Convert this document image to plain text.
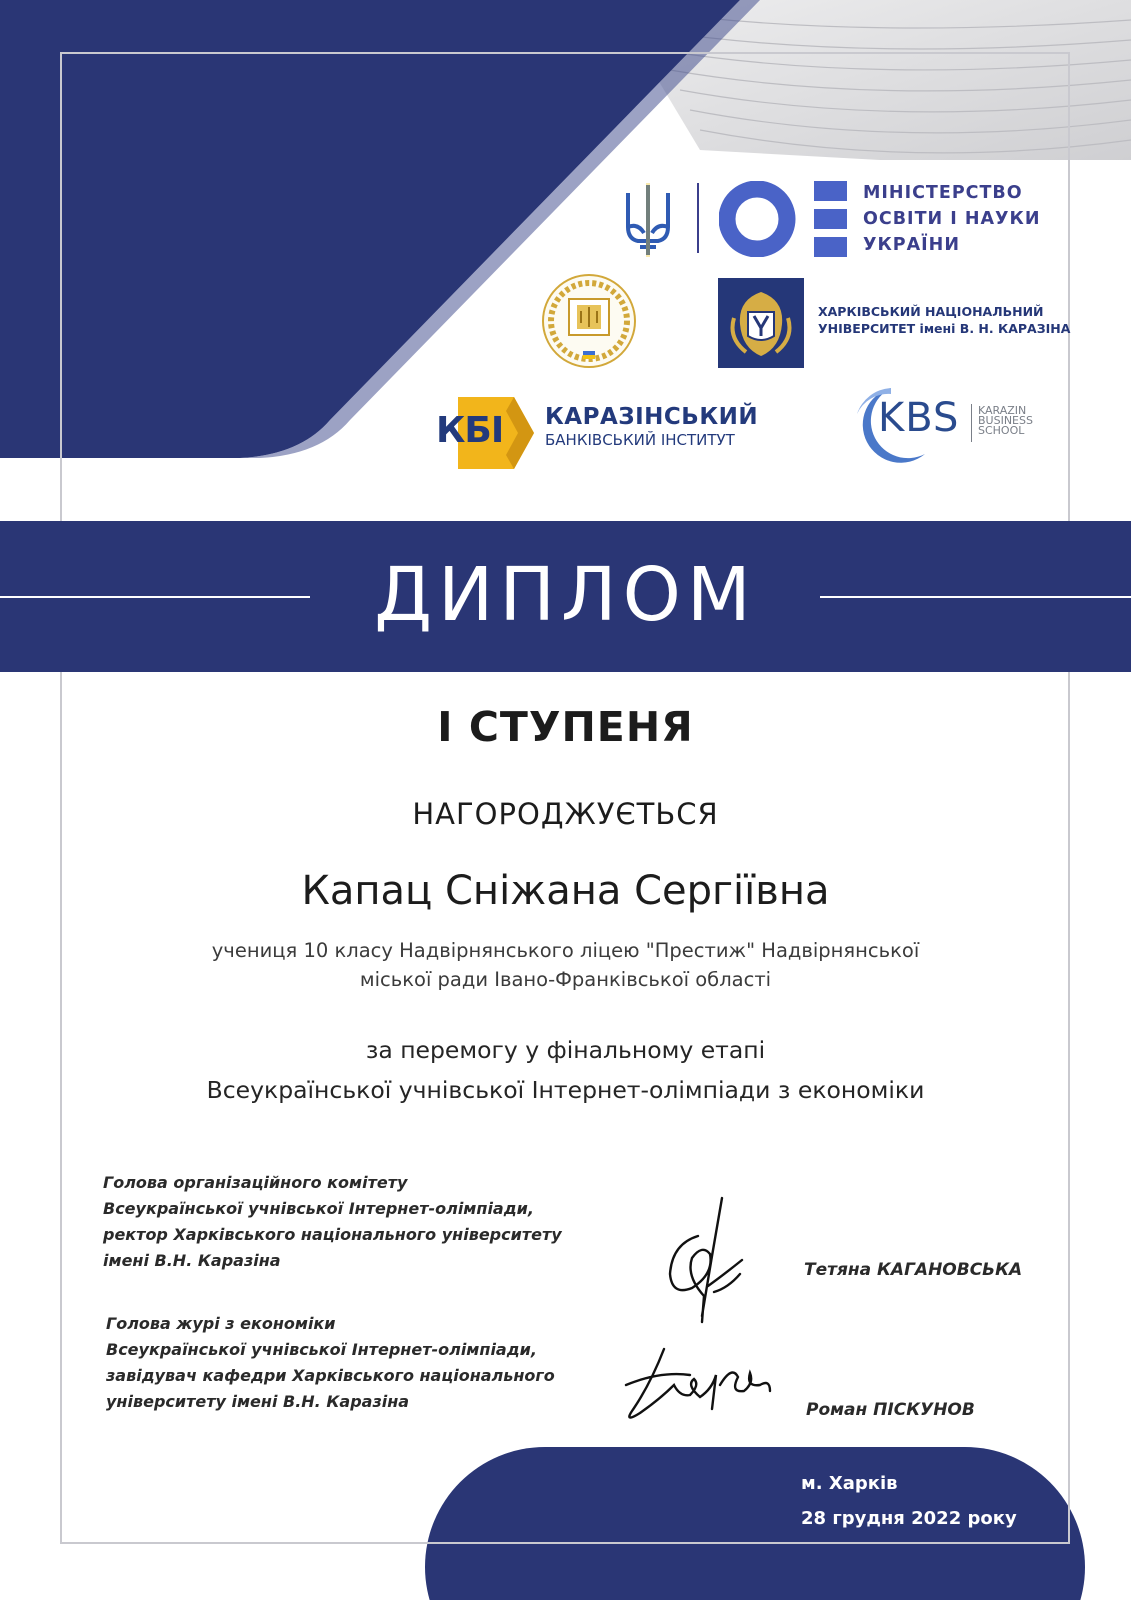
МІНІСТЕРСТВО
ОСВІТИ І НАУКИ
УКРАЇНИ
ХАРКІВСЬКИЙ НАЦІОНАЛЬНИЙ
УНІВЕРСИТЕТ імені В. Н. КАРАЗІНА
КБІ КАРАЗІНСЬКИЙ
БАНКІВСЬКИЙ ІНСТИТУТ	KBS KARAZIN
BUSINESS
SCHOOL
ДИПЛОМ
І СТУПЕНЯ
НАГОРОДЖУЄТЬСЯ
Капац Сніжана Сергіївна
учениця 10 класу Надвірнянського ліцею "Престиж" Надвірнянської
міської ради Івано-Франківської області
за перемогу у фінальному етапі
Всеукраїнської учнівської Інтернет-олімпіади з економіки
Голова організаційного комітету
Всеукраїнської учнівської Інтернет-олімпіади,
ректор Харківського національного університету
імені В.Н. Каразіна	Тетяна КАГАНОВСЬКА
Голова журі з економіки
Всеукраїнської учнівської Інтернет-олімпіади,
завідувач кафедри Харківського національного
університету імені В.Н. Каразіна	Роман ПІСКУНОВ
м. Харків
28 грудня 2022 року
